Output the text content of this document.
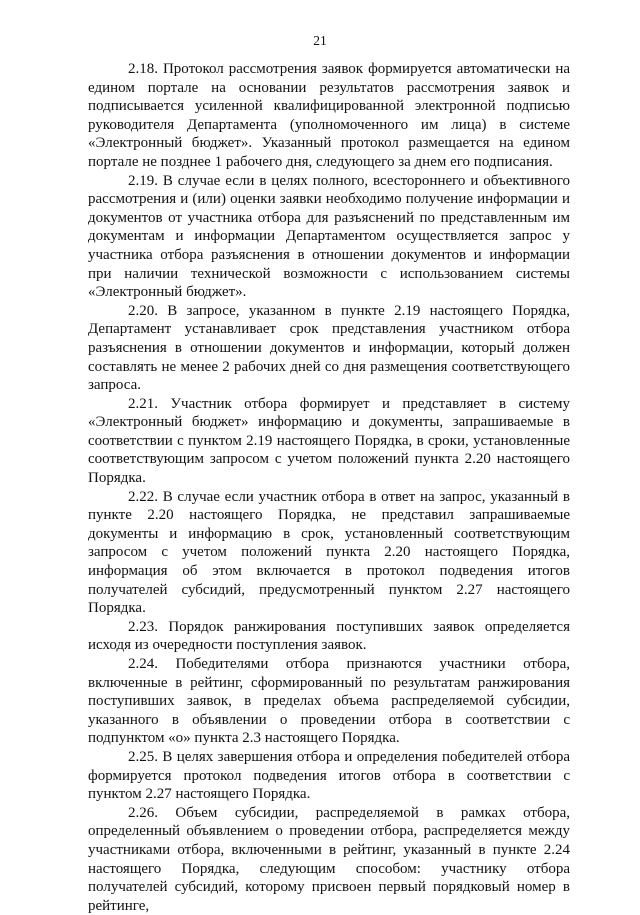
21

2.18. Протокол рассмотрения заявок формируется автоматически на едином портале на основании результатов рассмотрения заявок и подписывается усиленной квалифицированной электронной подписью руководителя Департамента (уполномоченного им лица) в системе «Электронный бюджет». Указанный протокол размещается на едином портале не позднее 1 рабочего дня, следующего за днем его подписания.

2.19. В случае если в целях полного, всестороннего и объективного рассмотрения и (или) оценки заявки необходимо получение информации и документов от участника отбора для разъяснений по представленным им документам и информации Департаментом осуществляется запрос у участника отбора разъяснения в отношении документов и информации при наличии технической возможности с использованием системы «Электронный бюджет».

2.20. В запросе, указанном в пункте 2.19 настоящего Порядка, Департамент устанавливает срок представления участником отбора разъяснения в отношении документов и информации, который должен составлять не менее 2 рабочих дней со дня размещения соответствующего запроса.

2.21. Участник отбора формирует и представляет в систему «Электронный бюджет» информацию и документы, запрашиваемые в соответствии с пунктом 2.19 настоящего Порядка, в сроки, установленные соответствующим запросом с учетом положений пункта 2.20 настоящего Порядка.

2.22. В случае если участник отбора в ответ на запрос, указанный в пункте 2.20 настоящего Порядка, не представил запрашиваемые документы и информацию в срок, установленный соответствующим запросом с учетом положений пункта 2.20 настоящего Порядка, информация об этом включается в протокол подведения итогов получателей субсидий, предусмотренный пунктом 2.27 настоящего Порядка.

2.23. Порядок ранжирования поступивших заявок определяется исходя из очередности поступления заявок.

2.24. Победителями отбора признаются участники отбора, включенные в рейтинг, сформированный по результатам ранжирования поступивших заявок, в пределах объема распределяемой субсидии, указанного в объявлении о проведении отбора в соответствии с подпунктом «о» пункта 2.3 настоящего Порядка.

2.25. В целях завершения отбора и определения победителей отбора формируется протокол подведения итогов отбора в соответствии с пунктом 2.27 настоящего Порядка.

2.26. Объем субсидии, распределяемой в рамках отбора, определенный объявлением о проведении отбора, распределяется между участниками отбора, включенными в рейтинг, указанный в пункте 2.24 настоящего Порядка, следующим способом: участнику отбора получателей субсидий, которому присвоен первый порядковый номер в рейтинге,
